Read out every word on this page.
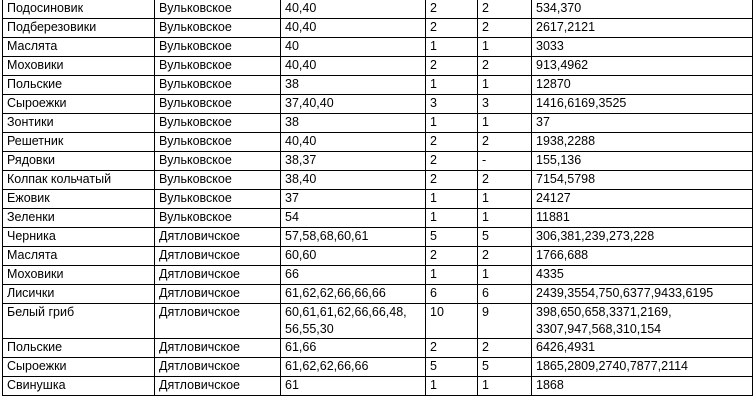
Подосиновик	Вульковское	40,40	2	2	534,370
Подберезовики	Вульковское	40,40	2	2	2617,2121
Маслята	Вульковское	40	1	1	3033
Моховики	Вульковское	40,40	2	2	913,4962
Польские	Вульковское	38	1	1	12870
Сыроежки	Вульковское	37,40,40	3	3	1416,6169,3525
Зонтики	Вульковское	38	1	1	37
Решетник	Вульковское	40,40	2	2	1938,2288
Рядовки	Вульковское	38,37	2	-	155,136
Колпак кольчатый	Вульковское	38,40	2	2	7154,5798
Ежовик	Вульковское	37	1	1	24127
Зеленки	Вульковское	54	1	1	11881
Черника	Дятловичское	57,58,68,60,61	5	5	306,381,239,273,228
Маслята	Дятловичское	60,60	2	2	1766,688
Моховики	Дятловичское	66	1	1	4335
Лисички	Дятловичское	61,62,62,66,66,66	6	6	2439,3554,750,6377,9433,6195
Белый гриб	Дятловичское	60,61,61,62,66,66,48, 56,55,30	10	9	398,650,658,3371,2169, 3307,947,568,310,154
Польские	Дятловичское	61,66	2	2	6426,4931
Сыроежки	Дятловичское	61,62,62,66,66	5	5	1865,2809,2740,7877,2114
Свинушка	Дятловичское	61	1	1	1868
